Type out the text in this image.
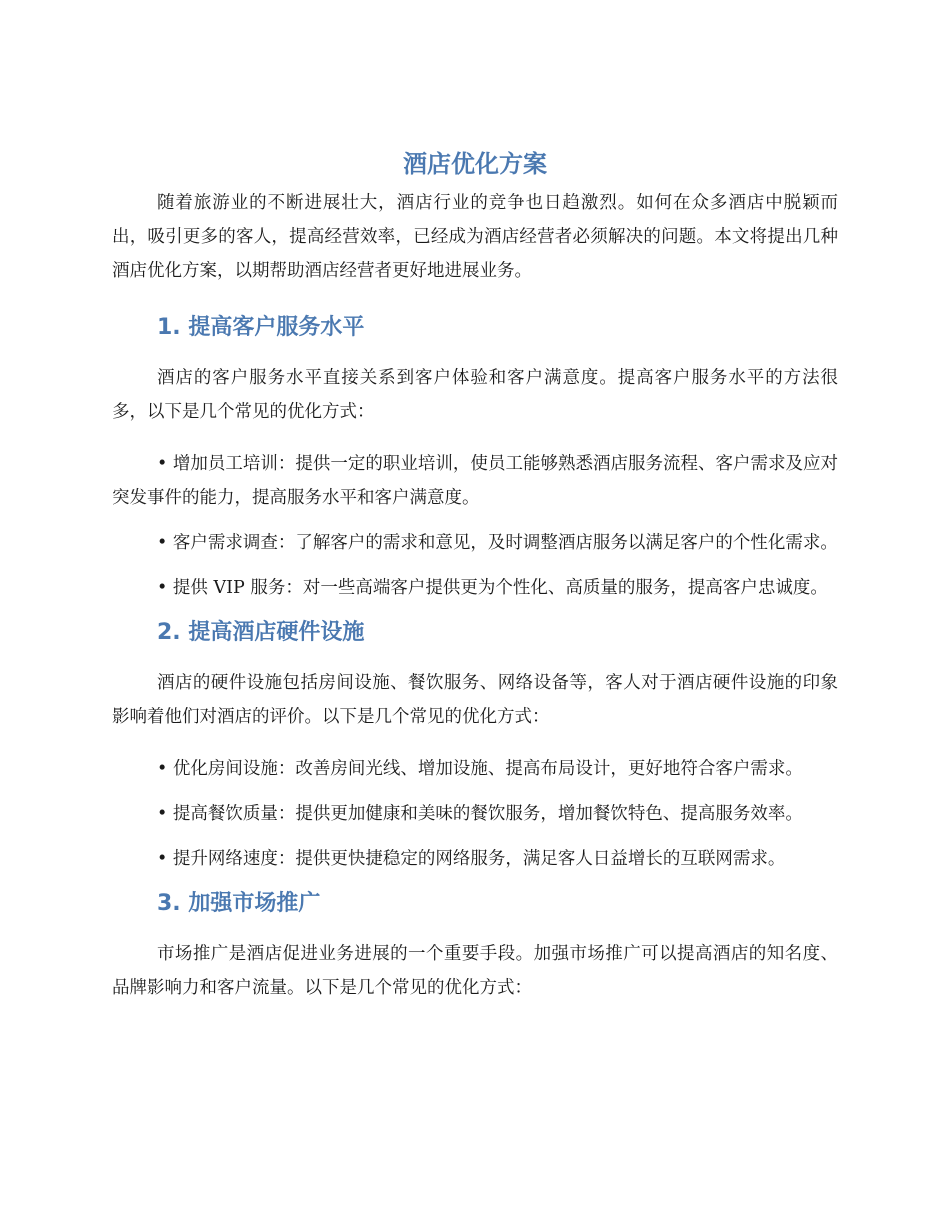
酒店优化方案

随着旅游业的不断进展壮大，酒店行业的竞争也日趋激烈。如何在众多酒店中脱颖而出，吸引更多的客人，提高经营效率，已经成为酒店经营者必须解决的问题。本文将提出几种酒店优化方案，以期帮助酒店经营者更好地进展业务。

1. 提高客户服务水平

酒店的客户服务水平直接关系到客户体验和客户满意度。提高客户服务水平的方法很多，以下是几个常见的优化方式：

• 增加员工培训：提供一定的职业培训，使员工能够熟悉酒店服务流程、客户需求及应对突发事件的能力，提高服务水平和客户满意度。

• 客户需求调查：了解客户的需求和意见，及时调整酒店服务以满足客户的个性化需求。

• 提供 VIP 服务：对一些高端客户提供更为个性化、高质量的服务，提高客户忠诚度。

2. 提高酒店硬件设施

酒店的硬件设施包括房间设施、餐饮服务、网络设备等，客人对于酒店硬件设施的印象影响着他们对酒店的评价。以下是几个常见的优化方式：

• 优化房间设施：改善房间光线、增加设施、提高布局设计，更好地符合客户需求。

• 提高餐饮质量：提供更加健康和美味的餐饮服务，增加餐饮特色、提高服务效率。

• 提升网络速度：提供更快捷稳定的网络服务，满足客人日益增长的互联网需求。

3. 加强市场推广

市场推广是酒店促进业务进展的一个重要手段。加强市场推广可以提高酒店的知名度、品牌影响力和客户流量。以下是几个常见的优化方式：
